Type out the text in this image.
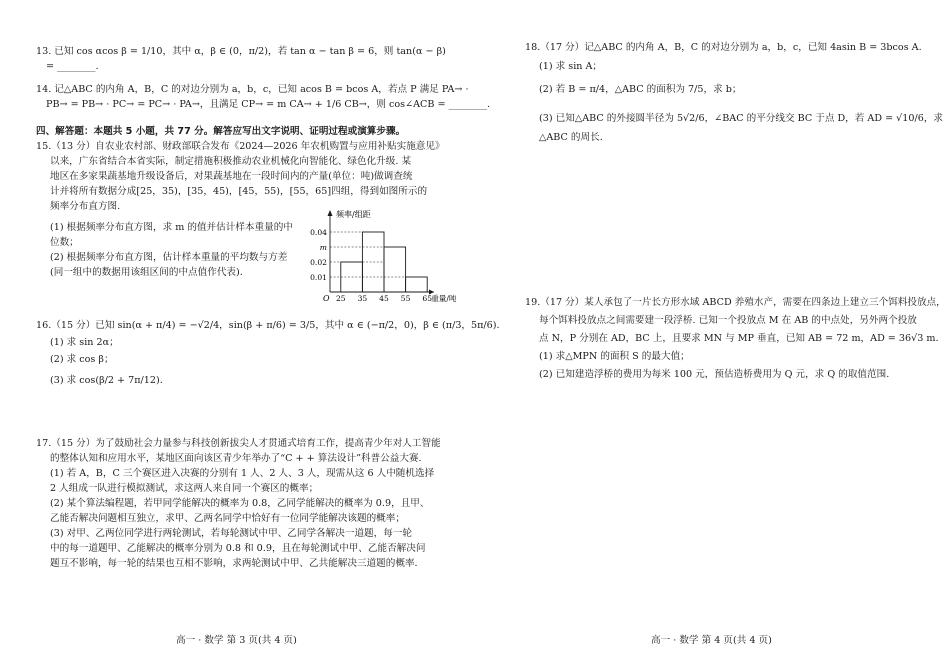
13. 已知 cos αcos β = 1/10，其中 α，β ∈ (0，π/2)，若 tan α − tan β = 6，则 tan(α − β)
= ________.
14. 记△ABC 的内角 A，B，C 的对边分别为 a，b，c，已知 acos B = bcos A，若点 P 满足 PA→ ·
PB→ = PB→ · PC→ = PC→ · PA→，且满足 CP→ = m CA→ + 1/6 CB→，则 cos∠ACB = ________.
四、解答题：本题共 5 小题，共 77 分。解答应写出文字说明、证明过程或演算步骤。
15.（13 分）自农业农村部、财政部联合发布《2024—2026 年农机购置与应用补贴实施意见》
以来，广东省结合本省实际，制定措施积极推动农业机械化向智能化、绿色化升级. 某
地区在多家果蔬基地升级设备后，对果蔬基地在一段时间内的产量(单位：吨)做调查统
计并将所有数据分成[25，35)，[35，45)，[45，55)，[55，65]四组，得到如图所示的
频率分布直方图.
(1) 根据频率分布直方图，求 m 的值并估计样本重量的中
位数；
(2) 根据频率分布直方图，估计样本重量的平均数与方差
(同一组中的数据用该组区间的中点值作代表).
频率/组距
O
0.01
0.02
m
0.04
25 35 45 55 65 重量/吨
16.（15 分）已知 sin(α + π/4) = −√2/4，sin(β + π/6) = 3/5，其中 α ∈ (−π/2，0)，β ∈ (π/3，5π/6).
(1) 求 sin 2α；
(2) 求 cos β；
(3) 求 cos(β/2 + 7π/12).
17.（15 分）为了鼓励社会力量参与科技创新拔尖人才贯通式培育工作，提高青少年对人工智能
的整体认知和应用水平，某地区面向该区青少年举办了“C + + 算法设计”科普公益大赛.
(1) 若 A，B，C 三个赛区进入决赛的分别有 1 人、2 人、3 人，现需从这 6 人中随机选择
2 人组成一队进行模拟测试，求这两人来自同一个赛区的概率；
(2) 某个算法编程题，若甲同学能解决的概率为 0.8，乙同学能解决的概率为 0.9，且甲、
乙能否解决问题相互独立，求甲、乙两名同学中恰好有一位同学能解决该题的概率；
(3) 对甲、乙两位同学进行两轮测试，若每轮测试中甲、乙同学各解决一道题，每一轮
中的每一道题甲、乙能解决的概率分别为 0.8 和 0.9，且在每轮测试中甲、乙能否解决问
题互不影响，每一轮的结果也互相不影响，求两轮测试中甲、乙共能解决三道题的概率.
高一 · 数学 第 3 页(共 4 页)
18.（17 分）记△ABC 的内角 A，B，C 的对边分别为 a，b，c，已知 4asin B = 3bcos A.
(1) 求 sin A；
(2) 若 B = π/4，△ABC 的面积为 7/5，求 b；
(3) 已知△ABC 的外接圆半径为 5√2/6，∠BAC 的平分线交 BC 于点 D，若 AD = √10/6，求
△ABC 的周长.
19.（17 分）某人承包了一片长方形水域 ABCD 养殖水产，需要在四条边上建立三个饵料投放点，
每个饵料投放点之间需要建一段浮桥. 已知一个投放点 M 在 AB 的中点处，另外两个投放
点 N，P 分别在 AD，BC 上，且要求 MN 与 MP 垂直，已知 AB = 72 m，AD = 36√3 m.
(1) 求△MPN 的面积 S 的最大值；
(2) 已知建造浮桥的费用为每米 100 元，预估造桥费用为 Q 元，求 Q 的取值范围.
高一 · 数学 第 4 页(共 4 页)
